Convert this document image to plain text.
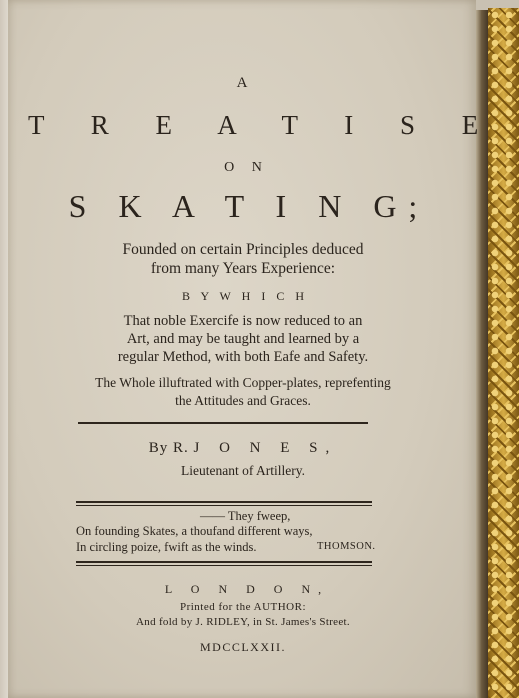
A

T R E A T I S E

O N

S K A T I N G;

Founded on certain Principles deduced
from many Years Experience:

B Y W H I C H

That noble Exercife is now reduced to an
Art, and may be taught and learned by a
regular Method, with both Eafe and Safety.
The Whole illuftrated with Copper-plates, reprefenting
the Attitudes and Graces.

By R. J O N E S,

Lieutenant of Artillery.

—— They fweep,

On founding Skates, a thoufand different ways,

In circling poize, fwift as the winds.	THOMSON.

L O N D O N,

Printed for the AUTHOR:

And fold by J. RIDLEY, in St. James's Street.

MDCCLXXII.
